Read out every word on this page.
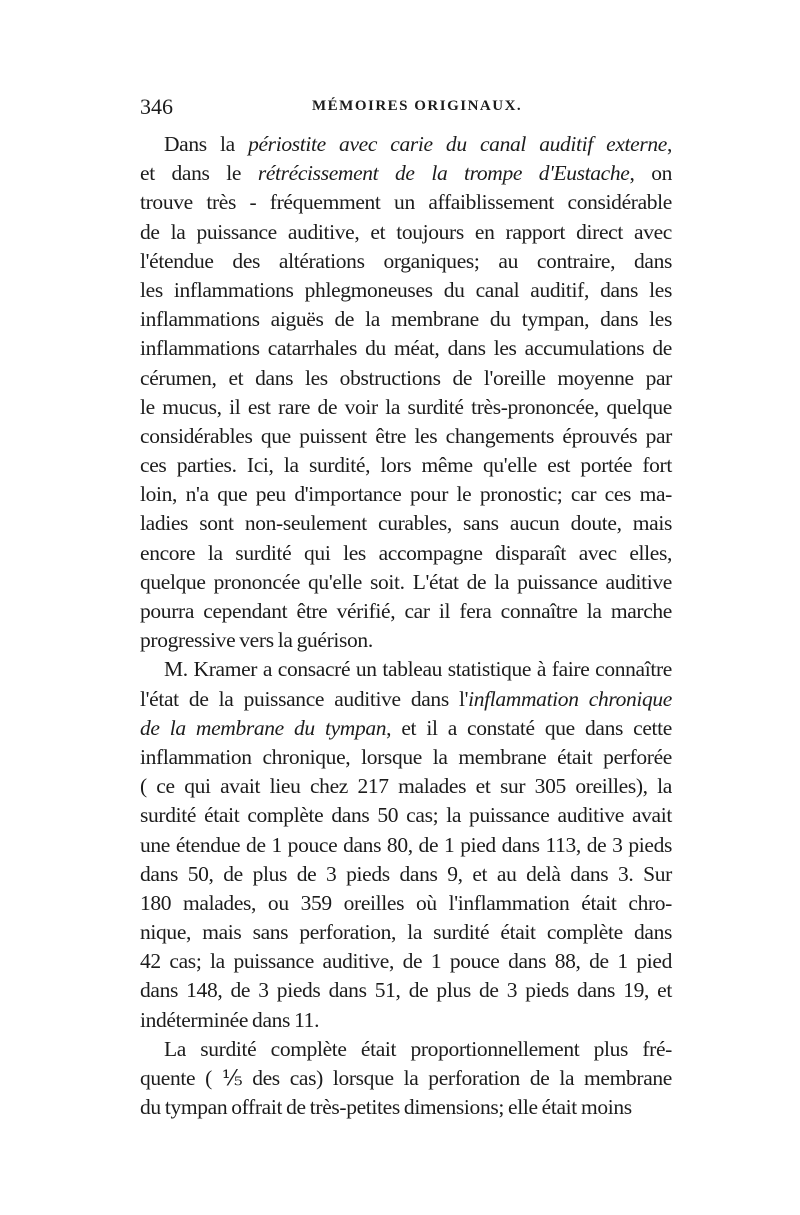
346	MÉMOIRES ORIGINAUX.
Dans la périostite avec carie du canal auditif externe,
et dans le rétrécissement de la trompe d'Eustache, on
trouve très - fréquemment un affaiblissement considérable
de la puissance auditive, et toujours en rapport direct avec
l'étendue des altérations organiques; au contraire, dans
les inflammations phlegmoneuses du canal auditif, dans les
inflammations aiguës de la membrane du tympan, dans les
inflammations catarrhales du méat, dans les accumulations de
cérumen, et dans les obstructions de l'oreille moyenne par
le mucus, il est rare de voir la surdité très-prononcée, quelque
considérables que puissent être les changements éprouvés par
ces parties. Ici, la surdité, lors même qu'elle est portée fort
loin, n'a que peu d'importance pour le pronostic; car ces ma-
ladies sont non-seulement curables, sans aucun doute, mais
encore la surdité qui les accompagne disparaît avec elles,
quelque prononcée qu'elle soit. L'état de la puissance auditive
pourra cependant être vérifié, car il fera connaître la marche
progressive vers la guérison.
M. Kramer a consacré un tableau statistique à faire connaître
l'état de la puissance auditive dans l'inflammation chronique
de la membrane du tympan, et il a constaté que dans cette
inflammation chronique, lorsque la membrane était perforée
( ce qui avait lieu chez 217 malades et sur 305 oreilles), la
surdité était complète dans 50 cas; la puissance auditive avait
une étendue de 1 pouce dans 80, de 1 pied dans 113, de 3 pieds
dans 50, de plus de 3 pieds dans 9, et au delà dans 3. Sur
180 malades, ou 359 oreilles où l'inflammation était chro-
nique, mais sans perforation, la surdité était complète dans
42 cas; la puissance auditive, de 1 pouce dans 88, de 1 pied
dans 148, de 3 pieds dans 51, de plus de 3 pieds dans 19, et
indéterminée dans 11.
La surdité complète était proportionnellement plus fré-
quente ( ⅕ des cas) lorsque la perforation de la membrane
du tympan offrait de très-petites dimensions; elle était moins
